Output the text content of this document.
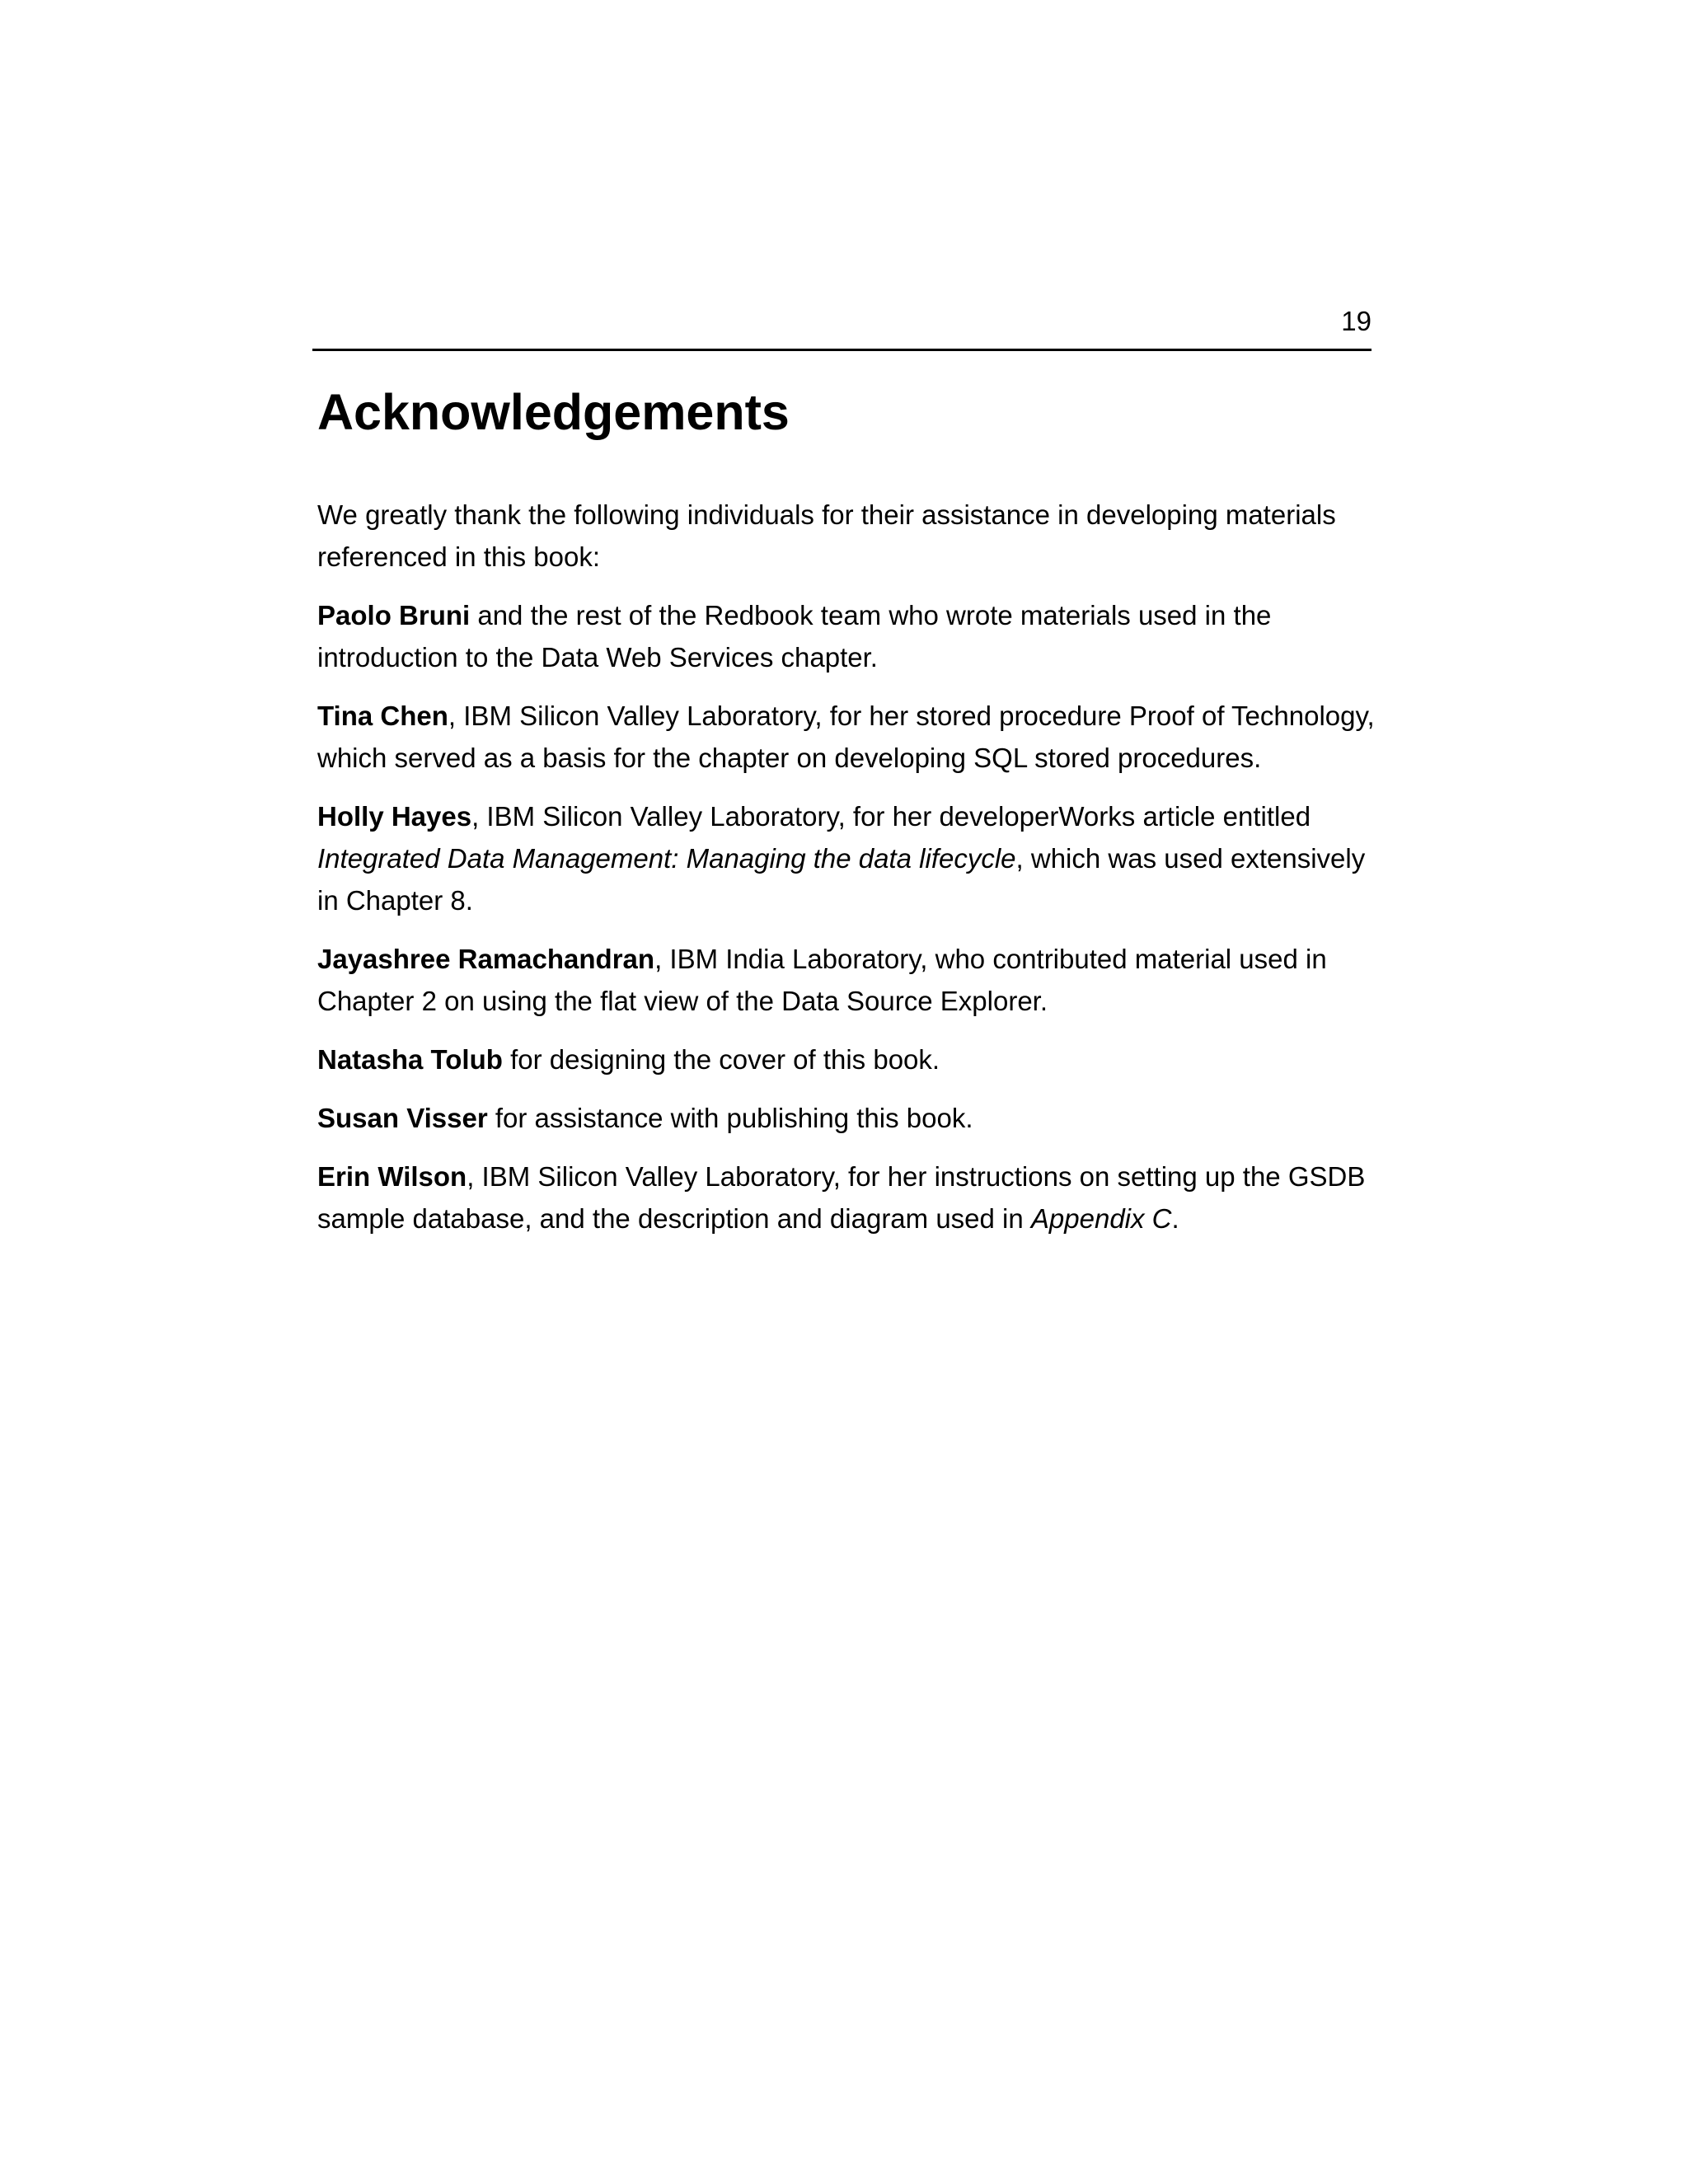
19
Acknowledgements

We greatly thank the following individuals for their assistance in developing materials referenced in this book:

Paolo Bruni and the rest of the Redbook team who wrote materials used in the introduction to the Data Web Services chapter.

Tina Chen, IBM Silicon Valley Laboratory, for her stored procedure Proof of Technology, which served as a basis for the chapter on developing SQL stored procedures.

Holly Hayes, IBM Silicon Valley Laboratory, for her developerWorks article entitled Integrated Data Management: Managing the data lifecycle, which was used extensively in Chapter 8.

Jayashree Ramachandran, IBM India Laboratory, who contributed material used in Chapter 2 on using the flat view of the Data Source Explorer.

Natasha Tolub for designing the cover of this book.

Susan Visser for assistance with publishing this book.

Erin Wilson, IBM Silicon Valley Laboratory, for her instructions on setting up the GSDB sample database, and the description and diagram used in Appendix C.
